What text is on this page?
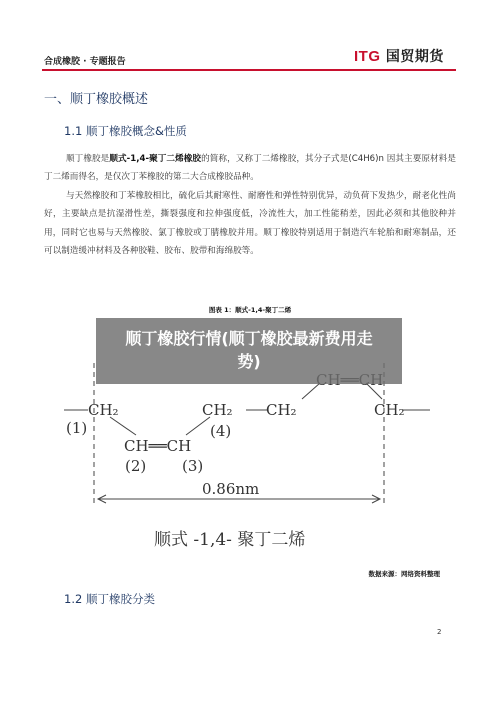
合成橡胶 · 专题报告	ITG 国贸期货
一、顺丁橡胶概述
1.1 顺丁橡胶概念&性质

顺丁橡胶是顺式-1,4-聚丁二烯橡胶的简称，又称丁二烯橡胶，其分子式是(C4H6)n 因其主要原材料是丁二烯而得名，是仅次丁苯橡胶的第二大合成橡胶品种。

与天然橡胶和丁苯橡胶相比，硫化后其耐寒性、耐磨性和弹性特别优异，动负荷下发热少，耐老化性尚好，主要缺点是抗湿滑性差，撕裂强度和拉伸强度低，冷流性大，加工性能稍差，因此必须和其他胶种并用，同时它也易与天然橡胶、氯丁橡胶或丁腈橡胶并用。顺丁橡胶特别适用于制造汽车轮胎和耐寒制品，还可以制造缓冲材料及各种胶鞋、胶布、胶带和海绵胶等。

图表 1：顺式-1,4-聚丁二烯
CH₂	CH₂ CH₂	CH₂
CH══CH
(1)
(2) (3)
(4)
0.86nm
顺式 -1,4- 聚丁二烯
数据来源：网络资料整理
顺丁橡胶行情(顺丁橡胶最新费用走
势)
1.2 顺丁橡胶分类
2
